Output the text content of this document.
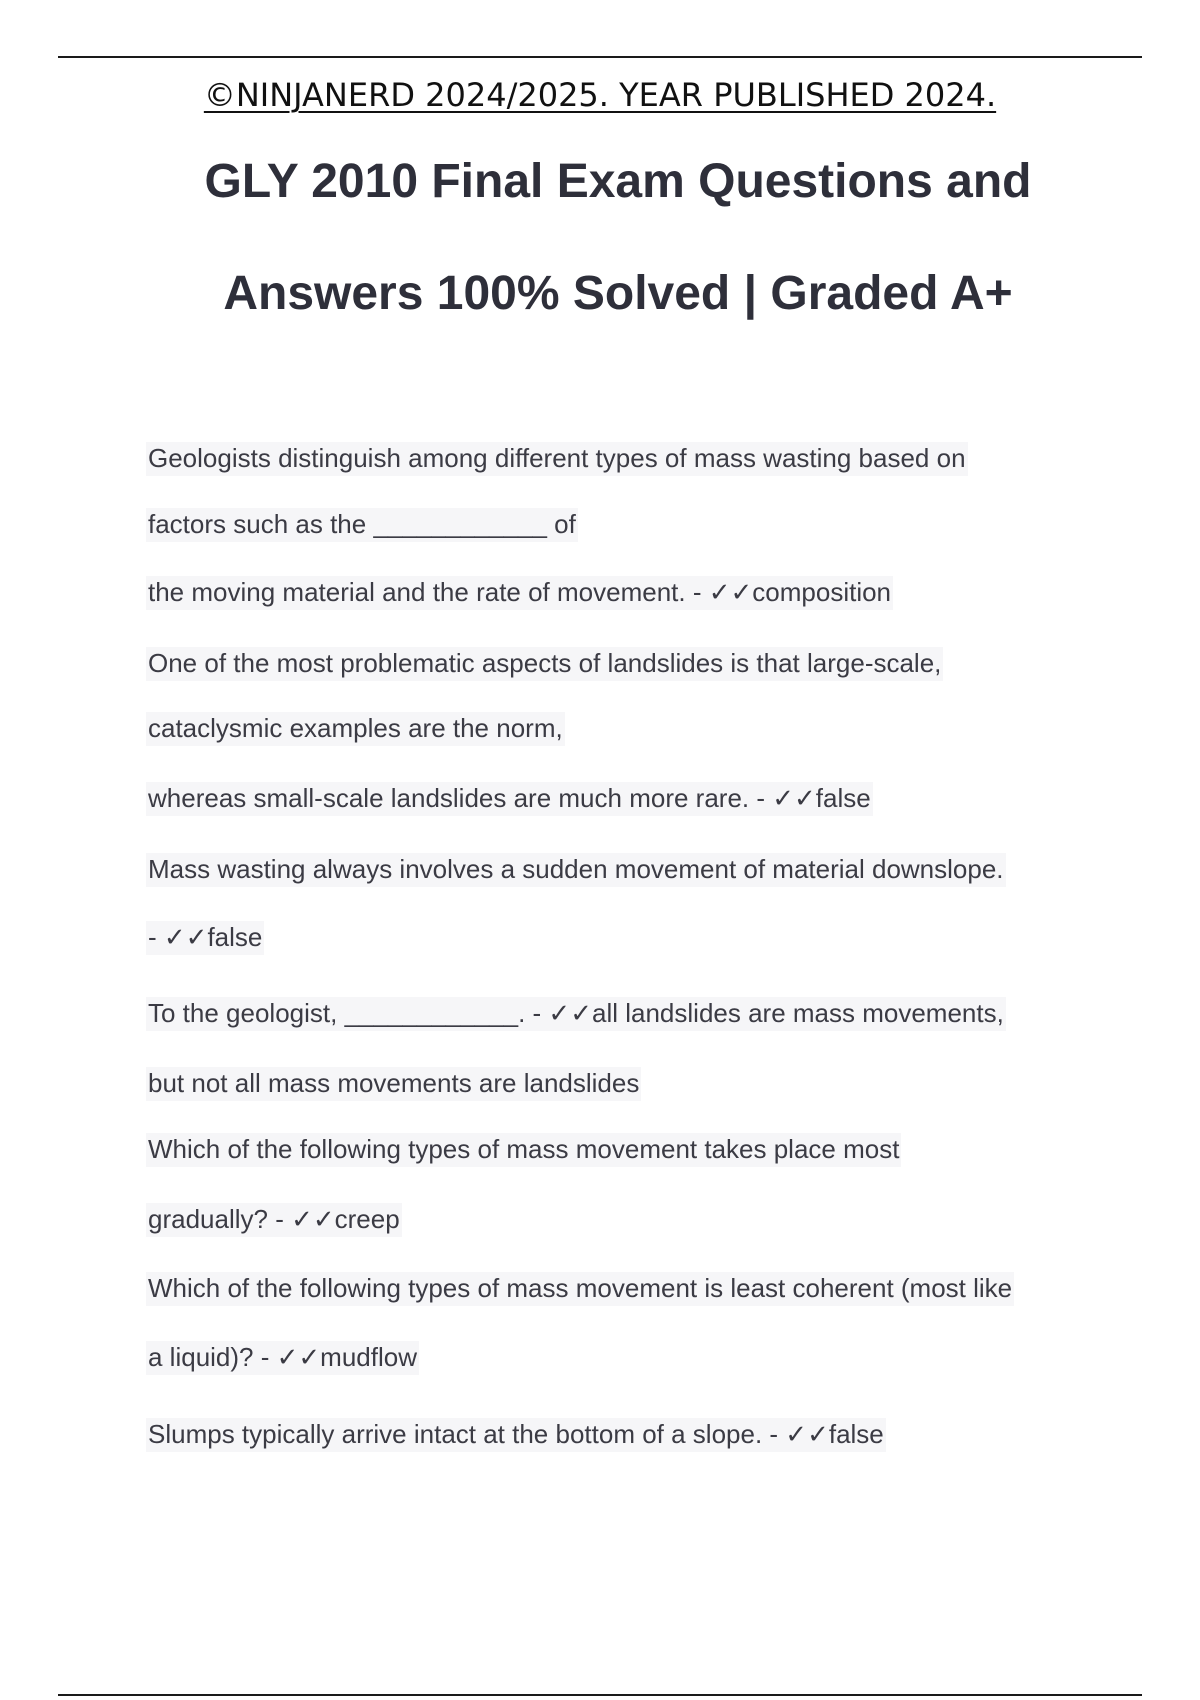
©NINJANERD 2024/2025. YEAR PUBLISHED 2024.
GLY 2010 Final Exam Questions and
Answers 100% Solved | Graded A+
Geologists distinguish among different types of mass wasting based on
factors such as the ____________ of
the moving material and the rate of movement. - ✓✓composition
One of the most problematic aspects of landslides is that large-scale,
cataclysmic examples are the norm,
whereas small-scale landslides are much more rare. - ✓✓false
Mass wasting always involves a sudden movement of material downslope.
- ✓✓false
To the geologist, ____________. - ✓✓all landslides are mass movements,
but not all mass movements are landslides
Which of the following types of mass movement takes place most
gradually? - ✓✓creep
Which of the following types of mass movement is least coherent (most like
a liquid)? - ✓✓mudflow
Slumps typically arrive intact at the bottom of a slope. - ✓✓false
